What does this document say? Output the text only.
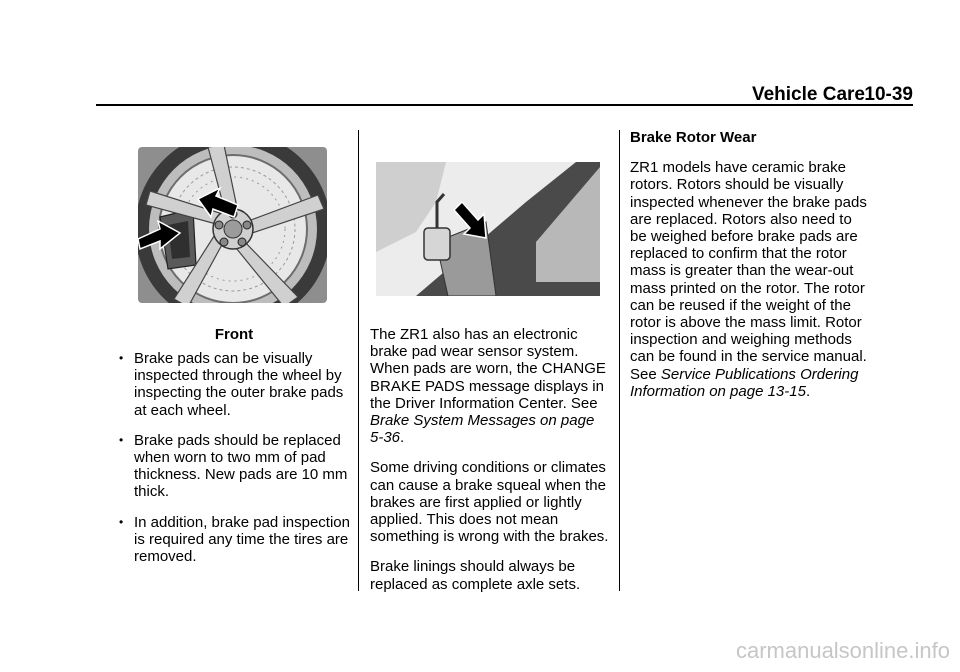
Vehicle Care 10-39
Front
• Brake pads can be visually inspected through the wheel by inspecting the outer brake pads at each wheel.
• Brake pads should be replaced when worn to two mm of pad thickness. New pads are 10 mm thick.
• In addition, brake pad inspection is required any time the tires are removed.

The ZR1 also has an electronic brake pad wear sensor system. When pads are worn, the CHANGE BRAKE PADS message displays in the Driver Information Center. See Brake System Messages on page 5-36.

Some driving conditions or climates can cause a brake squeal when the brakes are first applied or lightly applied. This does not mean something is wrong with the brakes.

Brake linings should always be replaced as complete axle sets.

Brake Rotor Wear

ZR1 models have ceramic brake rotors. Rotors should be visually inspected whenever the brake pads are replaced. Rotors also need to be weighed before brake pads are replaced to confirm that the rotor mass is greater than the wear-out mass printed on the rotor. The rotor can be reused if the weight of the rotor is above the mass limit. Rotor inspection and weighing methods can be found in the service manual. See Service Publications Ordering Information on page 13-15.

carmanualsonline.info
